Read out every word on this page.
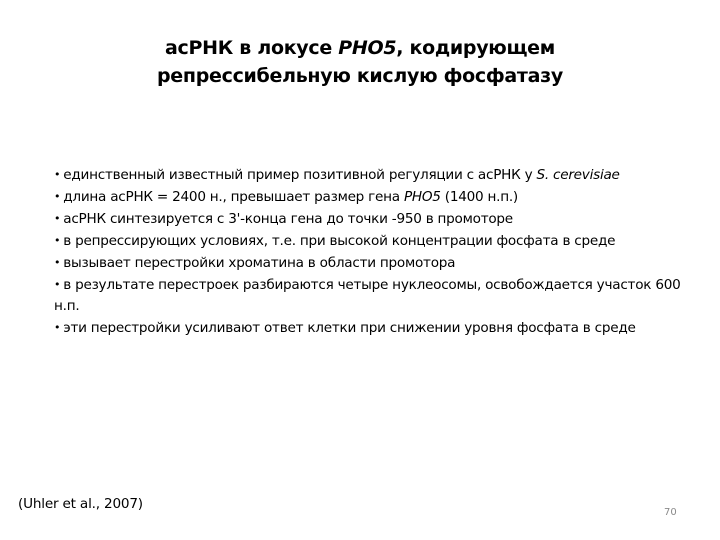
асРНК в локусе PHO5, кодирующем
репрессибельную кислую фосфатазу
• единственный известный пример позитивной регуляции с асРНК у S. cerevisiae
• длина асРНК = 2400 н., превышает размер гена PHO5 (1400 н.п.)
• асРНК синтезируется с 3'-конца гена до точки -950 в промоторе
• в репрессирующих условиях, т.е. при высокой концентрации фосфата в среде
• вызывает перестройки хроматина в области промотора
• в результате перестроек разбираются четыре нуклеосомы, освобождается участок 600 н.п.
• эти перестройки усиливают ответ клетки при снижении уровня фосфата в среде
(Uhler et al., 2007)
70
